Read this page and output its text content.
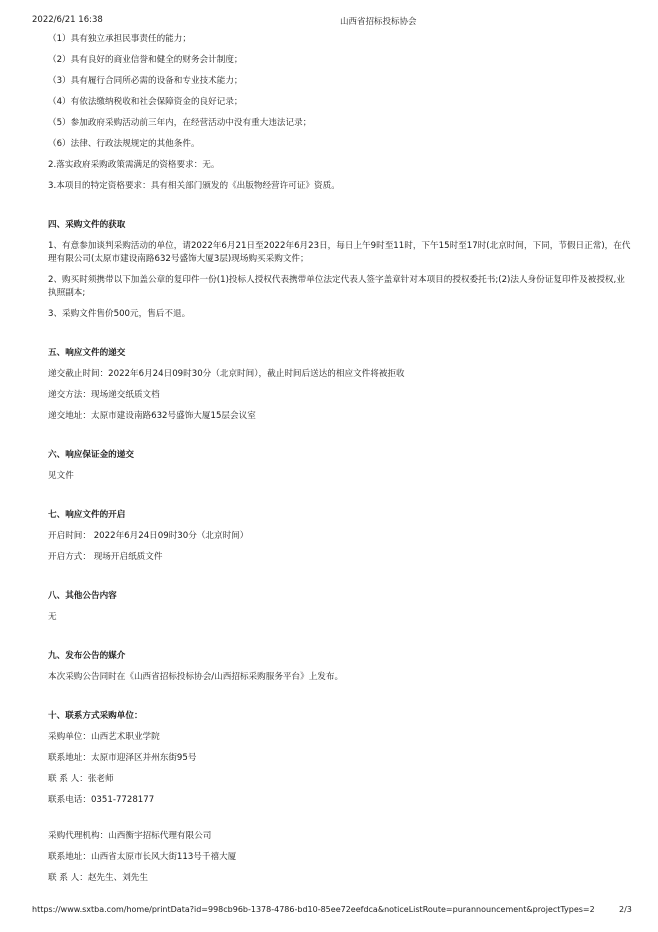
2022/6/21 16:38	山西省招标投标协会
（1）具有独立承担民事责任的能力；
（2）具有良好的商业信誉和健全的财务会计制度；
（3）具有履行合同所必需的设备和专业技术能力；
（4）有依法缴纳税收和社会保障资金的良好记录；
（5）参加政府采购活动前三年内，在经营活动中没有重大违法记录；
（6）法律、行政法规规定的其他条件。
2.落实政府采购政策需满足的资格要求：无。
3.本项目的特定资格要求：具有相关部门颁发的《出版物经营许可证》资质。
四、采购文件的获取
1、有意参加谈判采购活动的单位，请2022年6月21日至2022年6月23日，每日上午9时至11时，下午15时至17时(北京时间，下同，节假日正常)，在代理有限公司(太原市建设南路632号盛饰大厦3层)现场购买采购文件；
2、购买时须携带以下加盖公章的复印件一份(1)投标人授权代表携带单位法定代表人签字盖章针对本项目的授权委托书;(2)法人身份证复印件及被授权,业执照副本;
3、采购文件售价500元，售后不退。
五、响应文件的递交
递交截止时间：2022年6月24日09时30分（北京时间），截止时间后送达的相应文件将被拒收
递交方法：现场递交纸质文档
递交地址：太原市建设南路632号盛饰大厦15层会议室
六、响应保证金的递交
见文件
七、响应文件的开启
开启时间： 2022年6月24日09时30分（北京时间）
开启方式： 现场开启纸质文件
八、其他公告内容
无
九、发布公告的媒介
本次采购公告同时在《山西省招标投标协会/山西招标采购服务平台》上发布。
十、联系方式采购单位：
采购单位：山西艺术职业学院
联系地址：太原市迎泽区并州东街95号
联 系 人：张老师
联系电话：0351-7728177
采购代理机构：山西衡宇招标代理有限公司
联系地址：山西省太原市长风大街113号千禧大厦
联 系 人：赵先生、刘先生
https://www.sxtba.com/home/printData?id=998cb96b-1378-4786-bd10-85ee72eefdca&noticeListRoute=purannouncement&projectTypes=2	2/3
